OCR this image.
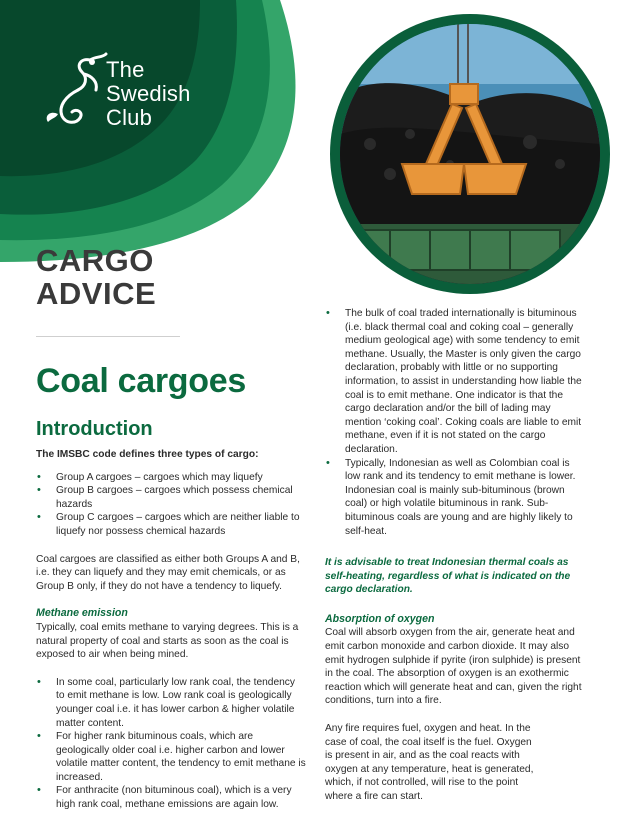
The
Swedish
Club
CARGO
ADVICE
Coal cargoes
Introduction

The IMSBC code defines three types of cargo:

• Group A cargoes – cargoes which may liquefy
• Group B cargoes – cargoes which possess chemical hazards
• Group C cargoes – cargoes which are neither liable to liquefy nor possess chemical hazards

Coal cargoes are classified as either both Groups A and B, i.e. they can liquefy and they may emit chemicals, or as Group B only, if they do not have a tendency to liquefy.

Methane emission

Typically, coal emits methane to varying degrees. This is a natural property of coal and starts as soon as the coal is exposed to air when being mined.

• In some coal, particularly low rank coal, the tendency to emit methane is low. Low rank coal is geologically younger coal i.e. it has lower carbon & higher volatile matter content.
• For higher rank bituminous coals, which are geologically older coal i.e. higher carbon and lower volatile matter content, the tendency to emit methane is increased.
• For anthracite (non bituminous coal), which is a very high rank coal, methane emissions are again low.
• The bulk of coal traded internationally is bituminous (i.e. black thermal coal and coking coal – generally medium geological age) with some tendency to emit methane. Usually, the Master is only given the cargo declaration, probably with little or no supporting information, to assist in understanding how liable the coal is to emit methane. One indicator is that the cargo declaration and/or the bill of lading may mention ‘coking coal’. Coking coals are liable to emit methane, even if it is not stated on the cargo declaration.
• Typically, Indonesian as well as Colombian coal is low rank and its tendency to emit methane is lower. Indonesian coal is mainly sub-bituminous (brown coal) or high volatile bituminous in rank. Sub-bituminous coals are young and are highly likely to self-heat.

It is advisable to treat Indonesian thermal coals as self-heating, regardless of what is indicated on the cargo declaration.

Absorption of oxygen

Coal will absorb oxygen from the air, generate heat and emit carbon monoxide and carbon dioxide. It may also emit hydrogen sulphide if pyrite (iron sulphide) is present in the coal. The absorption of oxygen is an exothermic reaction which will generate heat and can, given the right conditions, turn into a fire.

Any fire requires fuel, oxygen and heat. In the case of coal, the coal itself is the fuel. Oxygen is present in air, and as the coal reacts with oxygen at any temperature, heat is generated, which, if not controlled, will rise to the point where a fire can start.
